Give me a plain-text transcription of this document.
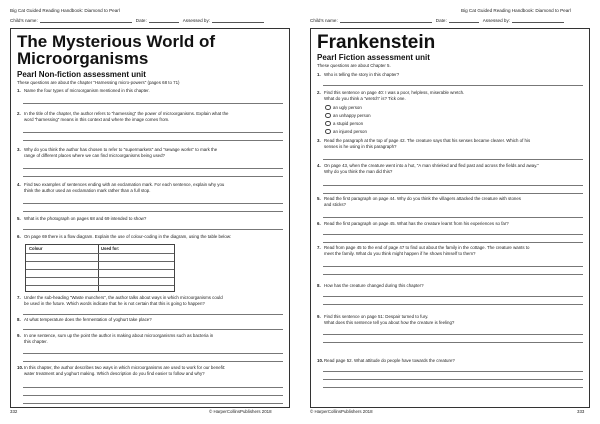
Big Cat Guided Reading Handbook: Diamond to Pearl
Child’s name:	Date:	Assessed by:
The Mysterious World of
Microorganisms
Pearl Non-fiction assessment unit
These questions are about the chapter "Harnessing micro-powers" (pages 68 to 71)
1. Name the four types of microorganism mentioned in this chapter.
2. In the title of the chapter, the author refers to "harnessing" the power of microorganisms. Explain what the
word "harnessing" means in this context and where the image comes from.
3. Why do you think the author has chosen to refer to "supermarkets" and "sewage works" to mark the
range of different places where we can find microorganisms being used?
4. Find two examples of sentences ending with an exclamation mark. For each sentence, explain why you
think the author used an exclamation mark rather than a full stop.
5. What is the photograph on pages 68 and 69 intended to show?
6. On page 69 there is a flow diagram. Explain the use of colour-coding in the diagram, using the table below:
Colour	Used for:
7. Under the sub-heading "Waste munchers", the author talks about ways in which microorganisms could
be used in the future. Which words indicate that he is not certain that this is going to happen?
8. At what temperature does the fermentation of yoghurt take place?
9. In one sentence, sum up the point the author is making about microorganisms such as bacteria in
this chapter.
10. In this chapter, the author describes two ways in which microorganisms are used to work for our benefit:
water treatment and yoghurt making. Which description do you find easier to follow and why?
332	© HarperCollinsPublishers 2018
Big Cat Guided Reading Handbook: Diamond to Pearl
Child’s name:	Date:	Assessed by:
Frankenstein
Pearl Fiction assessment unit
These questions are about Chapter 5.
1. Who is telling the story in this chapter?
2. Find this sentence on page 40: I was a poor, helpless, miserable wretch.
What do you think a "wretch" is? Tick one.
an ugly person
an unhappy person
a stupid person
an injured person
3. Read the paragraph at the top of page 42. The creature says that his senses became clearer. Which of his
senses is he using in this paragraph?
4. On page 43, when the creature went into a hut, "A man shrieked and fled past and across the fields and away."
Why do you think the man did this?
5. Read the first paragraph on page 44. Why do you think the villagers attacked the creature with stones
and sticks?
6. Read the first paragraph on page 45. What has the creature learnt from his experiences so far?
7. Read from page 45 to the end of page 47 to find out about the family in the cottage. The creature wants to
meet the family. What do you think might happen if he shows himself to them?
8. How has the creature changed during this chapter?
9. Find this sentence on page 51: Despair turned to fury.
What does this sentence tell you about how the creature is feeling?
10. Read page 52. What attitude do people have towards the creature?
© HarperCollinsPublishers 2018	333
